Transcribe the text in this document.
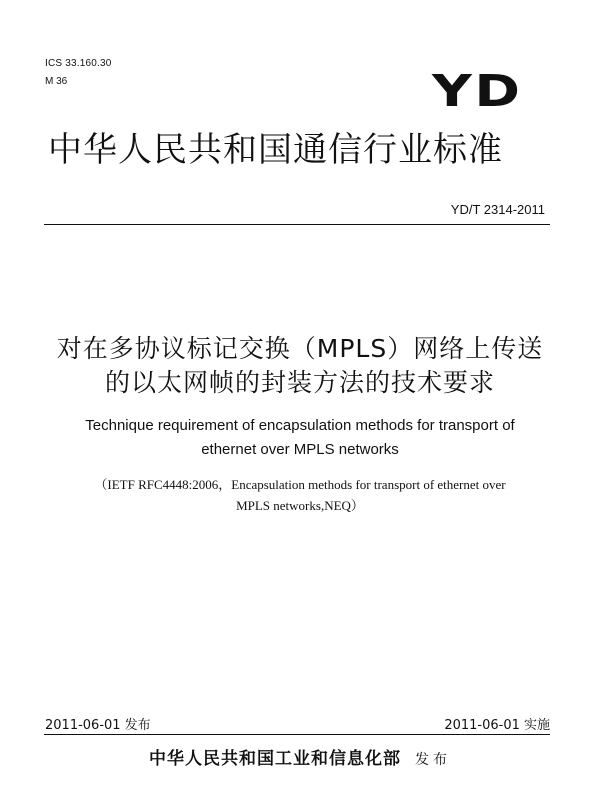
ICS 33.160.30
M 36	YD
中华人民共和国通信行业标准
YD/T 2314-2011
对在多协议标记交换（MPLS）网络上传送
的以太网帧的封装方法的技术要求
Technique requirement of encapsulation methods for transport of
ethernet over MPLS networks
（IETF RFC4448:2006，Encapsulation methods for transport of ethernet over
MPLS networks,NEQ）
2011-06-01 发布	2011-06-01 实施
中华人民共和国工业和信息化部 发布
